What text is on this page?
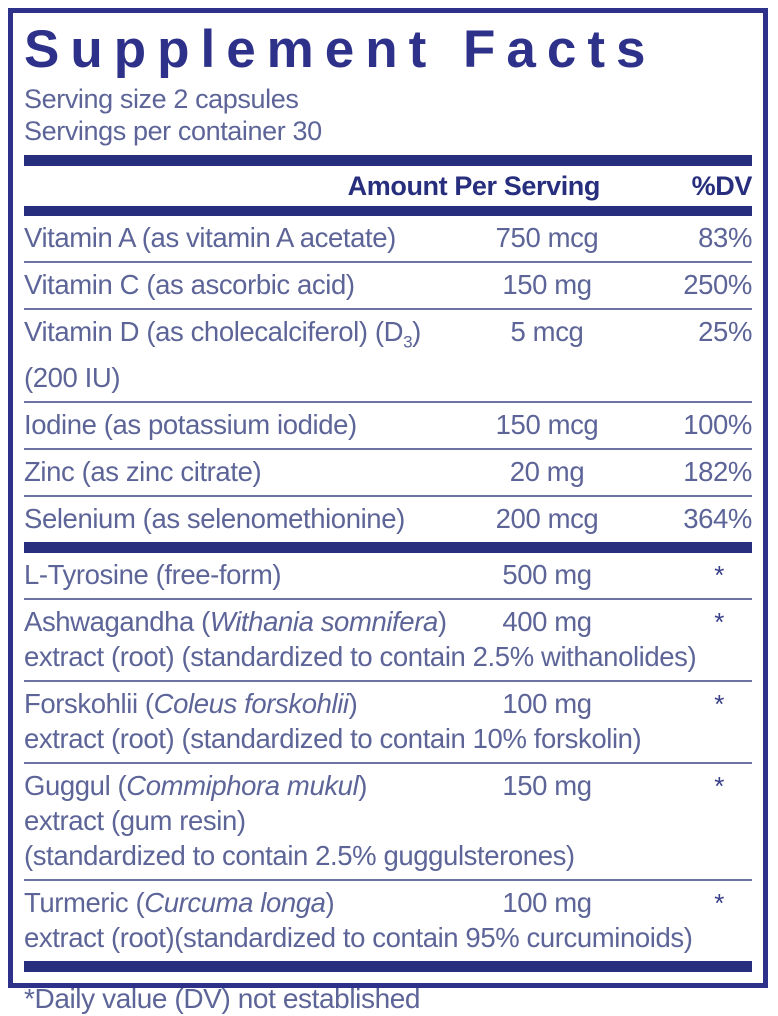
Supplement Facts
Serving size 2 capsules
Servings per container 30
Amount Per Serving	%DV
Vitamin A (as vitamin A acetate)	750 mcg	83%
Vitamin C (as ascorbic acid)	150 mg	250%
Vitamin D (as cholecalciferol) $(D_3)$	5 mcg	25%
(200 IU)
Iodine (as potassium iodide)	150 mcg	100%
Zinc (as zinc citrate)	20 mg	182%
Selenium (as selenomethionine)	200 mcg	364%
L-Tyrosine (free-form)	500 mg	*
Ashwagandha (Withania somnifera)	400 mg	*
extract (root) (standardized to contain 2.5% withanolides)
Forskohlii (Coleus forskohlii)	100 mg	*
extract (root) (standardized to contain 10% forskolin)
Guggul (Commiphora mukul)	150 mg	*
extract (gum resin)
(standardized to contain 2.5% guggulsterones)
Turmeric (Curcuma longa)	100 mg	*
extract (root)(standardized to contain 95% curcuminoids)
*Daily value (DV) not established
